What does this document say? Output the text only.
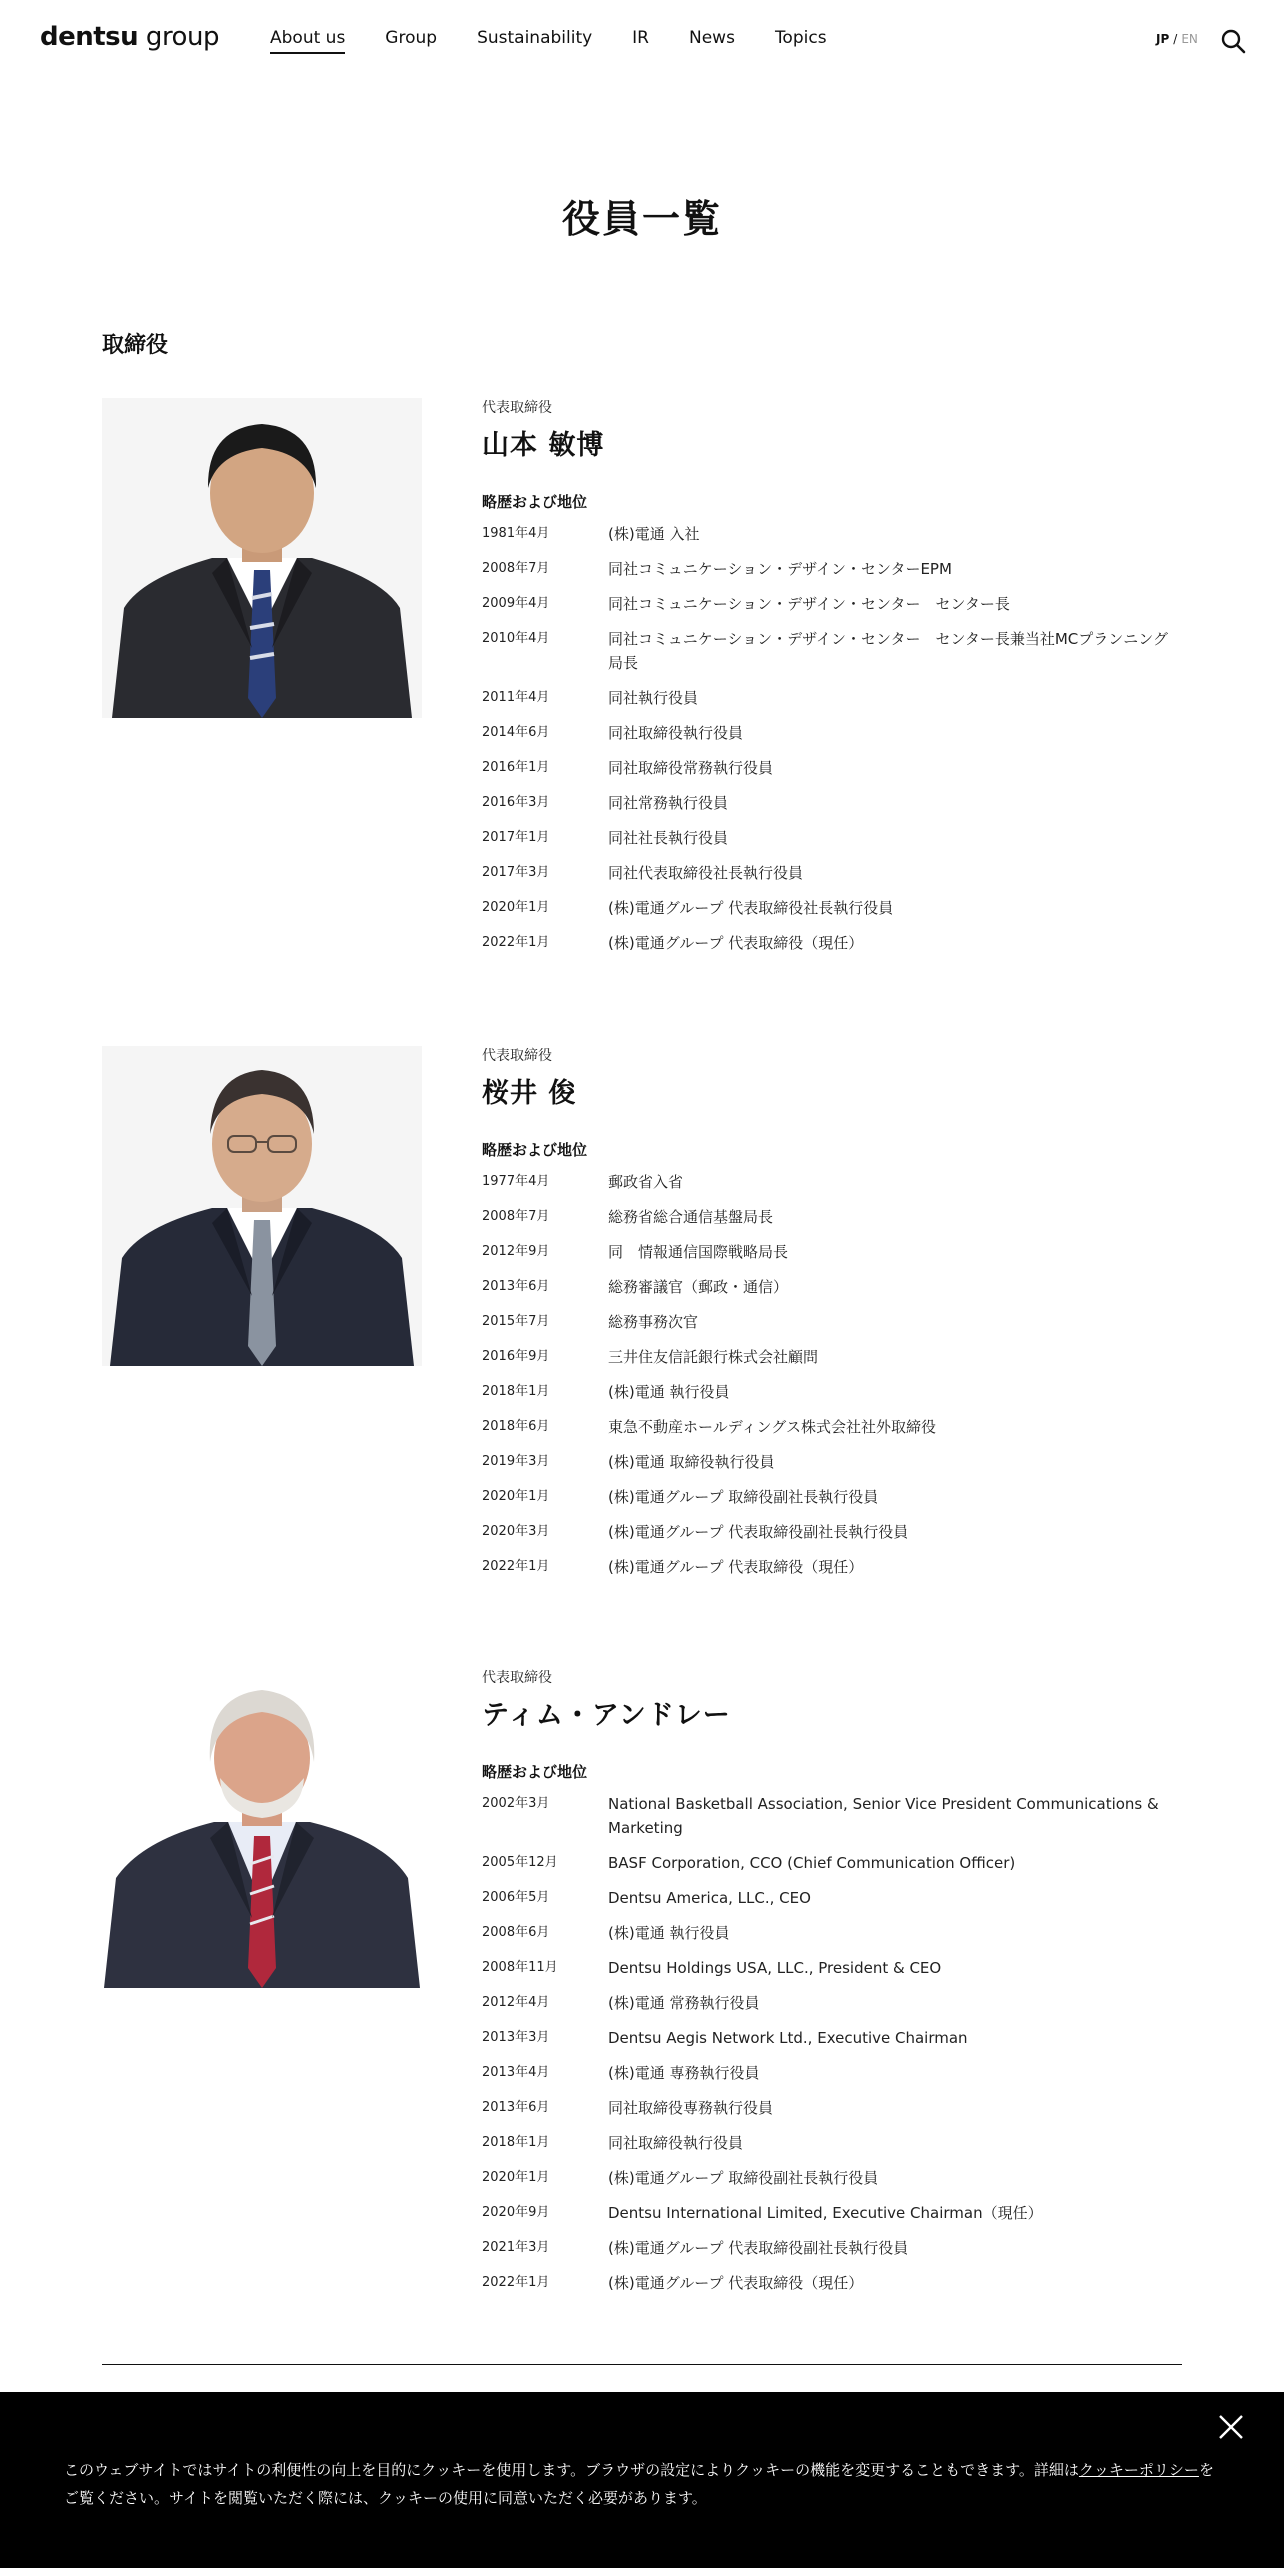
dentsu group	About us Group Sustainability IR News Topics	JP / EN
役員一覧
取締役
代表取締役
山本 敏博
略歴および地位
1981年4月	(株)電通 入社
2008年7月	同社コミュニケーション・デザイン・センターEPM
2009年4月	同社コミュニケーション・デザイン・センター　センター長
2010年4月	同社コミュニケーション・デザイン・センター　センター長兼当社MCプランニング局長
2011年4月	同社執行役員
2014年6月	同社取締役執行役員
2016年1月	同社取締役常務執行役員
2016年3月	同社常務執行役員
2017年1月	同社社長執行役員
2017年3月	同社代表取締役社長執行役員
2020年1月	(株)電通グループ 代表取締役社長執行役員
2022年1月	(株)電通グループ 代表取締役（現任）
代表取締役
桜井 俊
略歴および地位
1977年4月	郵政省入省
2008年7月	総務省総合通信基盤局長
2012年9月	同　情報通信国際戦略局長
2013年6月	総務審議官（郵政・通信）
2015年7月	総務事務次官
2016年9月	三井住友信託銀行株式会社顧問
2018年1月	(株)電通 執行役員
2018年6月	東急不動産ホールディングス株式会社社外取締役
2019年3月	(株)電通 取締役執行役員
2020年1月	(株)電通グループ 取締役副社長執行役員
2020年3月	(株)電通グループ 代表取締役副社長執行役員
2022年1月	(株)電通グループ 代表取締役（現任）
代表取締役
ティム・アンドレー
略歴および地位
2002年3月	National Basketball Association, Senior Vice President Communications & Marketing
2005年12月	BASF Corporation, CCO (Chief Communication Officer)
2006年5月	Dentsu America, LLC., CEO
2008年6月	(株)電通 執行役員
2008年11月	Dentsu Holdings USA, LLC., President & CEO
2012年4月	(株)電通 常務執行役員
2013年3月	Dentsu Aegis Network Ltd., Executive Chairman
2013年4月	(株)電通 専務執行役員
2013年6月	同社取締役専務執行役員
2018年1月	同社取締役執行役員
2020年1月	(株)電通グループ 取締役副社長執行役員
2020年9月	Dentsu International Limited, Executive Chairman（現任）
2021年3月	(株)電通グループ 代表取締役副社長執行役員
2022年1月	(株)電通グループ 代表取締役（現任）

このウェブサイトではサイトの利便性の向上を目的にクッキーを使用します。ブラウザの設定によりクッキーの機能を変更することもできます。詳細はクッキーポリシーをご覧ください。サイトを閲覧いただく際には、クッキーの使用に同意いただく必要があります。
